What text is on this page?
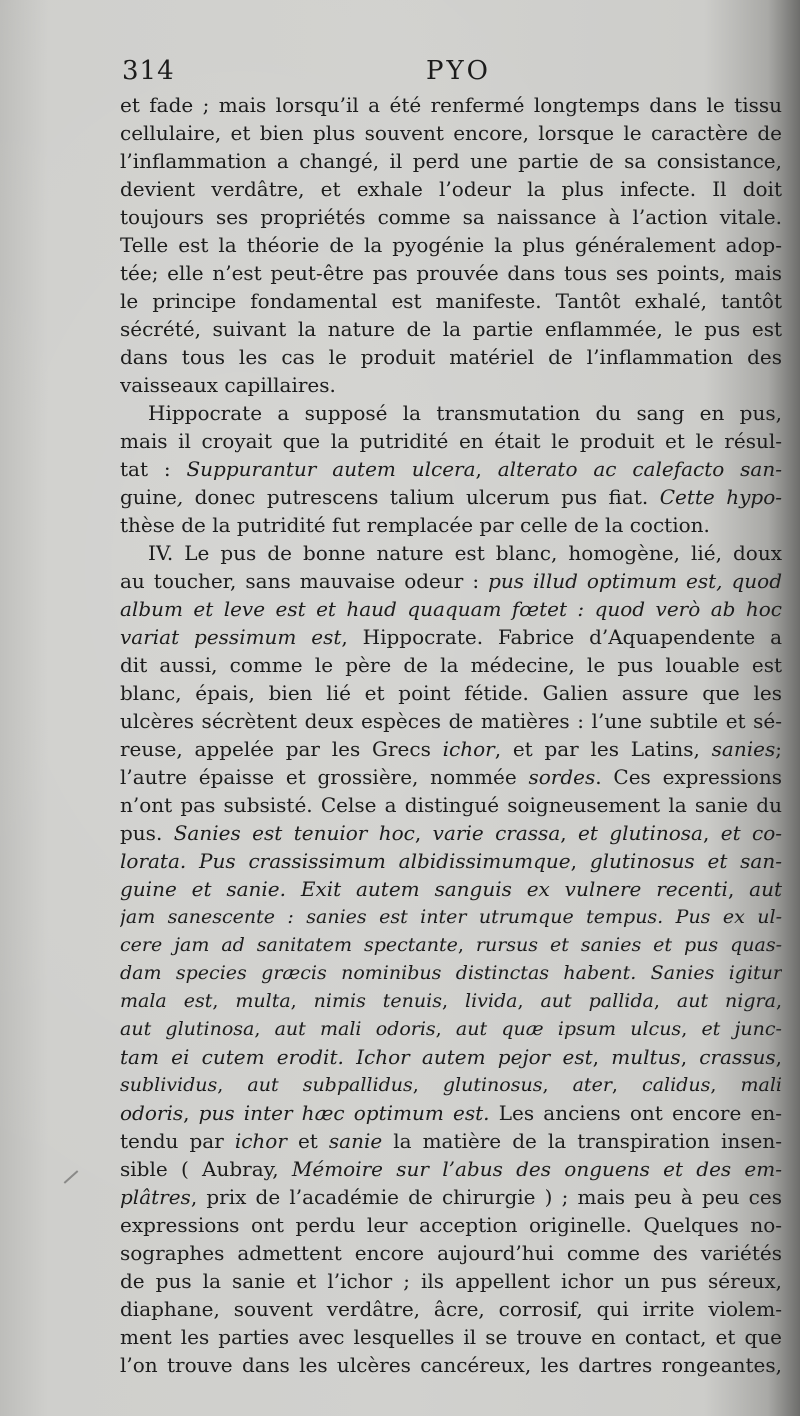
314	PYO
et fade ; mais lorsqu’il a été renfermé longtemps dans le tissu
cellulaire, et bien plus souvent encore, lorsque le caractère de
l’inflammation a changé, il perd une partie de sa consistance,
devient verdâtre, et exhale l’odeur la plus infecte. Il doit
toujours ses propriétés comme sa naissance à l’action vitale.
Telle est la théorie de la pyogénie la plus généralement adop-
tée; elle n’est peut-être pas prouvée dans tous ses points, mais
le principe fondamental est manifeste. Tantôt exhalé, tantôt
sécrété, suivant la nature de la partie enflammée, le pus est
dans tous les cas le produit matériel de l’inflammation des
vaisseaux capillaires.
Hippocrate a supposé la transmutation du sang en pus,
mais il croyait que la putridité en était le produit et le résul-
tat : Suppurantur autem ulcera, alterato ac calefacto san-
guine, donec putrescens talium ulcerum pus fiat. Cette hypo-
thèse de la putridité fut remplacée par celle de la coction.
IV. Le pus de bonne nature est blanc, homogène, lié, doux
au toucher, sans mauvaise odeur : pus illud optimum est, quod
album et leve est et haud quaquam fœtet : quod verò ab hoc
variat pessimum est, Hippocrate. Fabrice d’Aquapendente a
dit aussi, comme le père de la médecine, le pus louable est
blanc, épais, bien lié et point fétide. Galien assure que les
ulcères sécrètent deux espèces de matières : l’une subtile et sé-
reuse, appelée par les Grecs ichor, et par les Latins, sanies;
l’autre épaisse et grossière, nommée sordes. Ces expressions
n’ont pas subsisté. Celse a distingué soigneusement la sanie du
pus. Sanies est tenuior hoc, varie crassa, et glutinosa, et co-
lorata. Pus crassissimum albidissimumque, glutinosus et san-
guine et sanie. Exit autem sanguis ex vulnere recenti, aut
jam sanescente : sanies est inter utrumque tempus. Pus ex ul-
cere jam ad sanitatem spectante, rursus et sanies et pus quas-
dam species græcis nominibus distinctas habent. Sanies igitur
mala est, multa, nimis tenuis, livida, aut pallida, aut nigra,
aut glutinosa, aut mali odoris, aut quæ ipsum ulcus, et junc-
tam ei cutem erodit. Ichor autem pejor est, multus, crassus,
sublividus, aut subpallidus, glutinosus, ater, calidus, mali
odoris, pus inter hæc optimum est. Les anciens ont encore en-
tendu par ichor et sanie la matière de la transpiration insen-
sible ( Aubray, Mémoire sur l’abus des onguens et des em-
plâtres, prix de l’académie de chirurgie ) ; mais peu à peu ces
expressions ont perdu leur acception originelle. Quelques no-
sographes admettent encore aujourd’hui comme des variétés
de pus la sanie et l’ichor ; ils appellent ichor un pus séreux,
diaphane, souvent verdâtre, âcre, corrosif, qui irrite violem-
ment les parties avec lesquelles il se trouve en contact, et que
l’on trouve dans les ulcères cancéreux, les dartres rongeantes,
